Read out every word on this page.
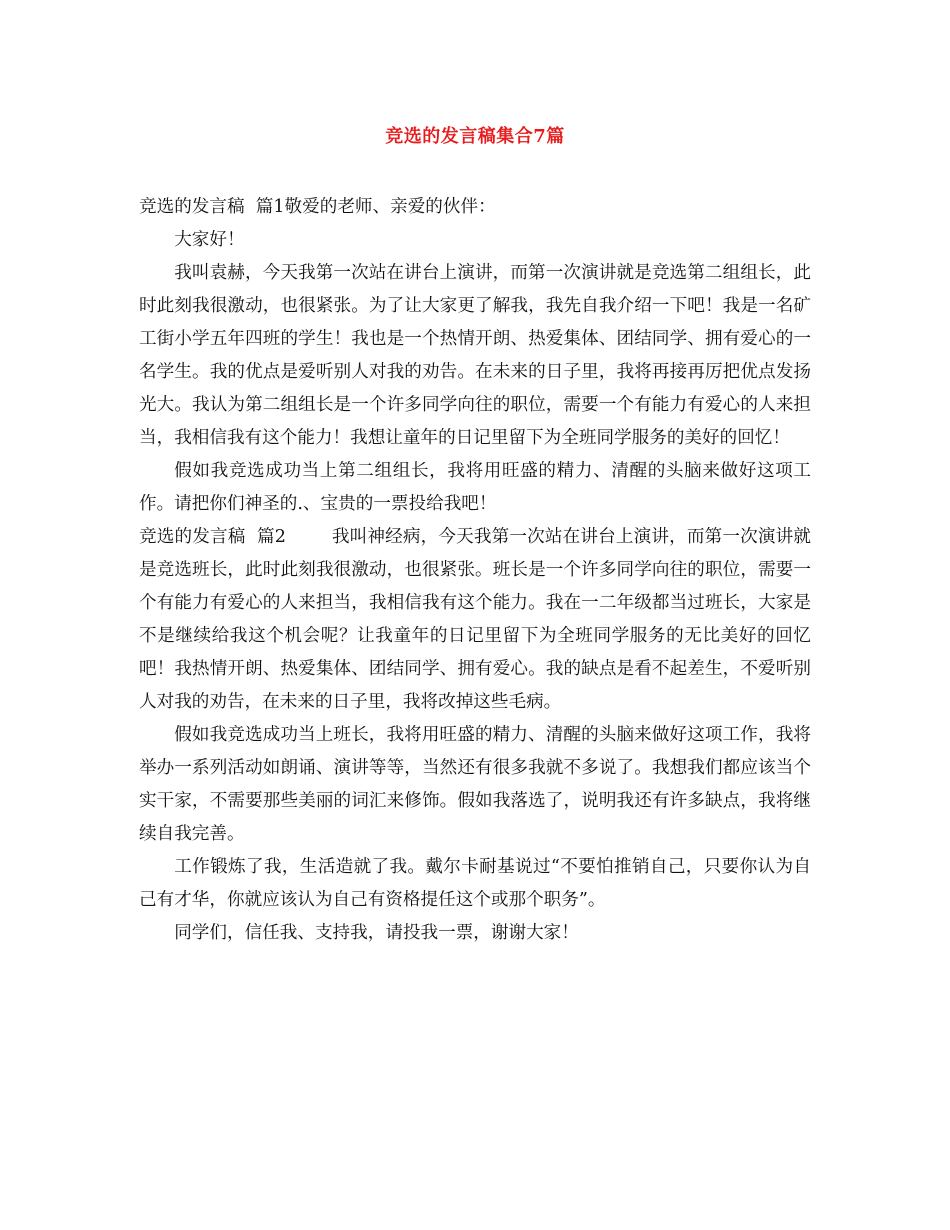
竞选的发言稿集合7篇

竞选的发言稿  篇1敬爱的老师、亲爱的伙伴：

大家好！

我叫袁赫，今天我第一次站在讲台上演讲，而第一次演讲就是竞选第二组组长，此时此刻我很激动，也很紧张。为了让大家更了解我，我先自我介绍一下吧！我是一名矿工街小学五年四班的学生！我也是一个热情开朗、热爱集体、团结同学、拥有爱心的一名学生。我的优点是爱听别人对我的劝告。在未来的日子里，我将再接再厉把优点发扬光大。我认为第二组组长是一个许多同学向往的职位，需要一个有能力有爱心的人来担当，我相信我有这个能力！我想让童年的日记里留下为全班同学服务的美好的回忆！

假如我竞选成功当上第二组组长，我将用旺盛的精力、清醒的头脑来做好这项工作。请把你们神圣的.、宝贵的一票投给我吧！

竞选的发言稿  篇2        我叫神经病，今天我第一次站在讲台上演讲，而第一次演讲就是竞选班长，此时此刻我很激动，也很紧张。班长是一个许多同学向往的职位，需要一个有能力有爱心的人来担当，我相信我有这个能力。我在一二年级都当过班长，大家是不是继续给我这个机会呢？让我童年的日记里留下为全班同学服务的无比美好的回忆吧！我热情开朗、热爱集体、团结同学、拥有爱心。我的缺点是看不起差生，不爱听别人对我的劝告，在未来的日子里，我将改掉这些毛病。

假如我竞选成功当上班长，我将用旺盛的精力、清醒的头脑来做好这项工作，我将举办一系列活动如朗诵、演讲等等，当然还有很多我就不多说了。我想我们都应该当个实干家，不需要那些美丽的词汇来修饰。假如我落选了，说明我还有许多缺点，我将继续自我完善。

工作锻炼了我，生活造就了我。戴尔卡耐基说过“不要怕推销自己，只要你认为自己有才华，你就应该认为自己有资格提任这个或那个职务”。

同学们，信任我、支持我，请投我一票，谢谢大家！
